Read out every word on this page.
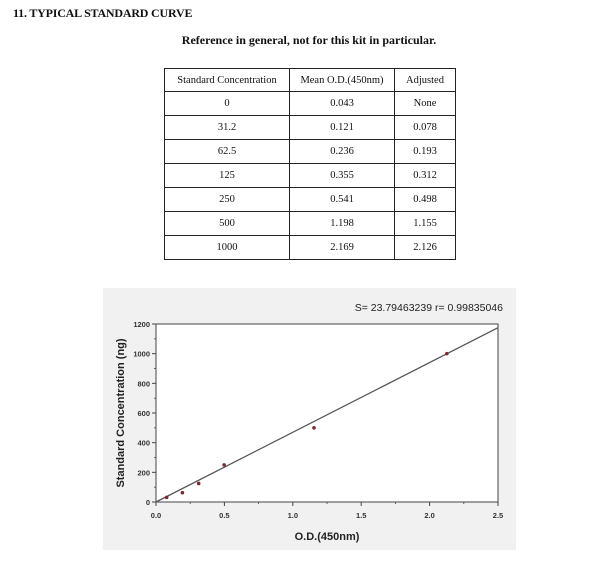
11. TYPICAL STANDARD CURVE
Reference in general, not for this kit in particular.
Standard Concentration	Mean O.D.(450nm)	Adjusted
0	0.043	None
31.2	0.121	0.078
62.5	0.236	0.193
125	0.355	0.312
250	0.541	0.498
500	1.198	1.155
1000	2.169	2.126
0
200
400
600
800
1000
1200
0.0	0.5	1.0	1.5	2.0	2.5
S= 23.79463239 r= 0.99835046
O.D.(450nm)
Standard Concentration (ng)
